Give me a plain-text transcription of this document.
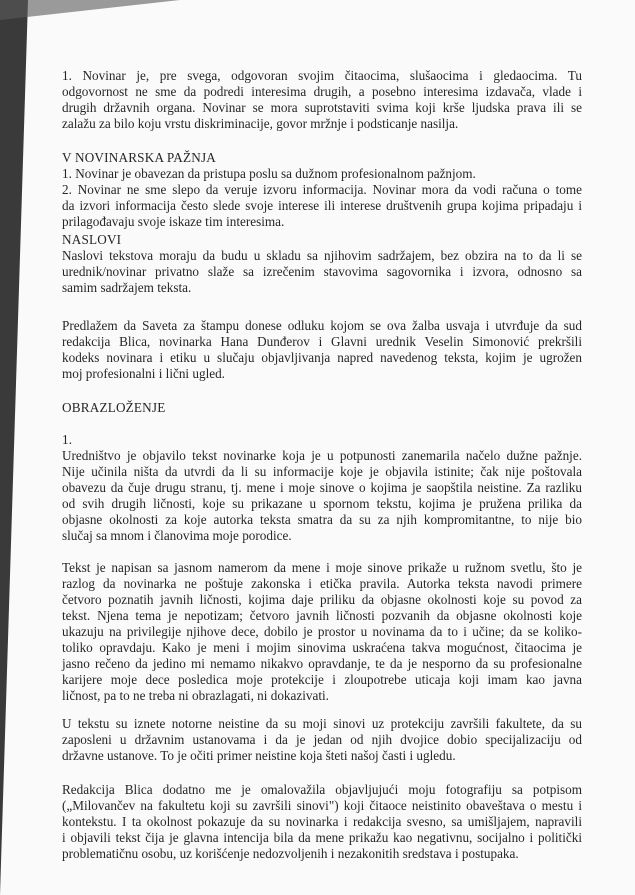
1. Novinar je, pre svega, odgovoran svojim čitaocima, slušaocima i gledaocima. Tu
odgovornost ne sme da podredi interesima drugih, a posebno interesima izdavača, vlade i
drugih državnih organa. Novinar se mora suprotstaviti svima koji krše ljudska prava ili se
zalažu za bilo koju vrstu diskriminacije, govor mržnje i podsticanje nasilja.
V NOVINARSKA PAŽNJA
1. Novinar je obavezan da pristupa poslu sa dužnom profesionalnom pažnjom.
2. Novinar ne sme slepo da veruje izvoru informacija. Novinar mora da vodi računa o tome
da izvori informacija često slede svoje interese ili interese društvenih grupa kojima pripadaju i
prilagođavaju svoje iskaze tim interesima.
NASLOVI
Naslovi tekstova moraju da budu u skladu sa njihovim sadržajem, bez obzira na to da li se
urednik/novinar privatno slaže sa izrečenim stavovima sagovornika i izvora, odnosno sa
samim sadržajem teksta.
Predlažem da Saveta za štampu donese odluku kojom se ova žalba usvaja i utvrđuje da sud
redakcija Blica, novinarka Hana Dunđerov i Glavni urednik Veselin Simonović prekršili
kodeks novinara i etiku u slučaju objavljivanja napred navedenog teksta, kojim je ugrožen
moj profesionalni i lični ugled.
OBRAZLOŽENJE
1.
Uredništvo je objavilo tekst novinarke koja je u potpunosti zanemarila načelo dužne pažnje.
Nije učinila ništa da utvrdi da li su informacije koje je objavila istinite; čak nije poštovala
obavezu da čuje drugu stranu, tj. mene i moje sinove o kojima je saopštila neistine. Za razliku
od svih drugih ličnosti, koje su prikazane u spornom tekstu, kojima je pružena prilika da
objasne okolnosti za koje autorka teksta smatra da su za njih kompromitantne, to nije bio
slučaj sa mnom i članovima moje porodice.
Tekst je napisan sa jasnom namerom da mene i moje sinove prikaže u ružnom svetlu, što je
razlog da novinarka ne poštuje zakonska i etička pravila. Autorka teksta navodi primere
četvoro poznatih javnih ličnosti, kojima daje priliku da objasne okolnosti koje su povod za
tekst. Njena tema je nepotizam; četvoro javnih ličnosti pozvanih da objasne okolnosti koje
ukazuju na privilegije njihove dece, dobilo je prostor u novinama da to i učine; da se koliko-
toliko opravdaju. Kako je meni i mojim sinovima uskraćena takva mogućnost, čitaocima je
jasno rečeno da jedino mi nemamo nikakvo opravdanje, te da je nesporno da su profesionalne
karijere moje dece posledica moje protekcije i zloupotrebe uticaja koji imam kao javna
ličnost, pa to ne treba ni obrazlagati, ni dokazivati.
U tekstu su iznete notorne neistine da su moji sinovi uz protekciju završili fakultete, da su
zaposleni u državnim ustanovama i da je jedan od njih dvojice dobio specijalizaciju od
državne ustanove. To je očiti primer neistine koja šteti našoj časti i ugledu.
Redakcija Blica dodatno me je omalovažila objavljujući moju fotografiju sa potpisom
(„Milovančev na fakultetu koji su završili sinovi") koji čitaoce neistinito obaveštava o mestu i
kontekstu. I ta okolnost pokazuje da su novinarka i redakcija svesno, sa umišljajem, napravili
i objavili tekst čija je glavna intencija bila da mene prikažu kao negativnu, socijalno i politički
problematičnu osobu, uz korišćenje nedozvoljenih i nezakonitih sredstava i postupaka.
